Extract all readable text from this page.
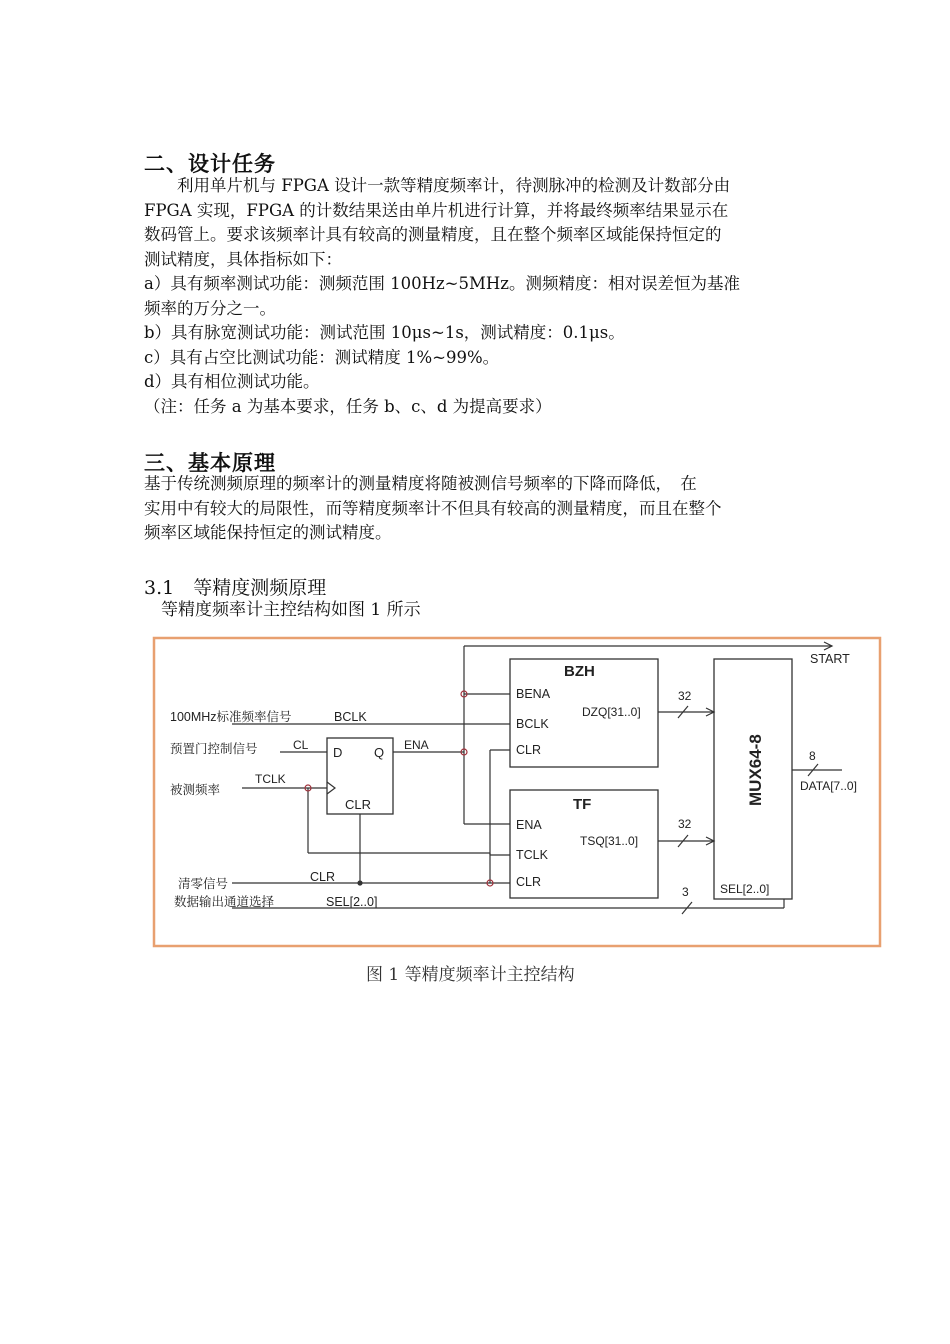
二、设计任务
　　利用单片机与 FPGA 设计一款等精度频率计，待测脉冲的检测及计数部分由
FPGA 实现，FPGA 的计数结果送由单片机进行计算，并将最终频率结果显示在
数码管上。要求该频率计具有较高的测量精度，且在整个频率区域能保持恒定的
测试精度，具体指标如下：
a）具有频率测试功能：测频范围 100Hz~5MHz。测频精度：相对误差恒为基准
频率的万分之一。
b）具有脉宽测试功能：测试范围 10μs~1s，测试精度：0.1μs。
c）具有占空比测试功能：测试精度 1%~99%。
d）具有相位测试功能。
（注：任务 a 为基本要求，任务 b、c、d 为提高要求）
三、基本原理
基于传统测频原理的频率计的测量精度将随被测信号频率的下降而降低，　在
实用中有较大的局限性，而等精度频率计不但具有较高的测量精度，而且在整个
频率区域能保持恒定的测试精度。
3.1　等精度测频原理
　等精度频率计主控结构如图 1 所示
D Q
CLR
BZH
BENA
BCLK
CLR
DZQ[31..0]
TF
ENA
TCLK
CLR
TSQ[31..0]
MUX64-8
SEL[2..0]
100MHz标准频率信号
预置门控制信号
被测频率
清零信号
数据输出通道选择
BCLK
CL
TCLK
ENA
CLR
SEL[2..0]
START
DATA[7..0]
32
32
8
3
图 1 等精度频率计主控结构
